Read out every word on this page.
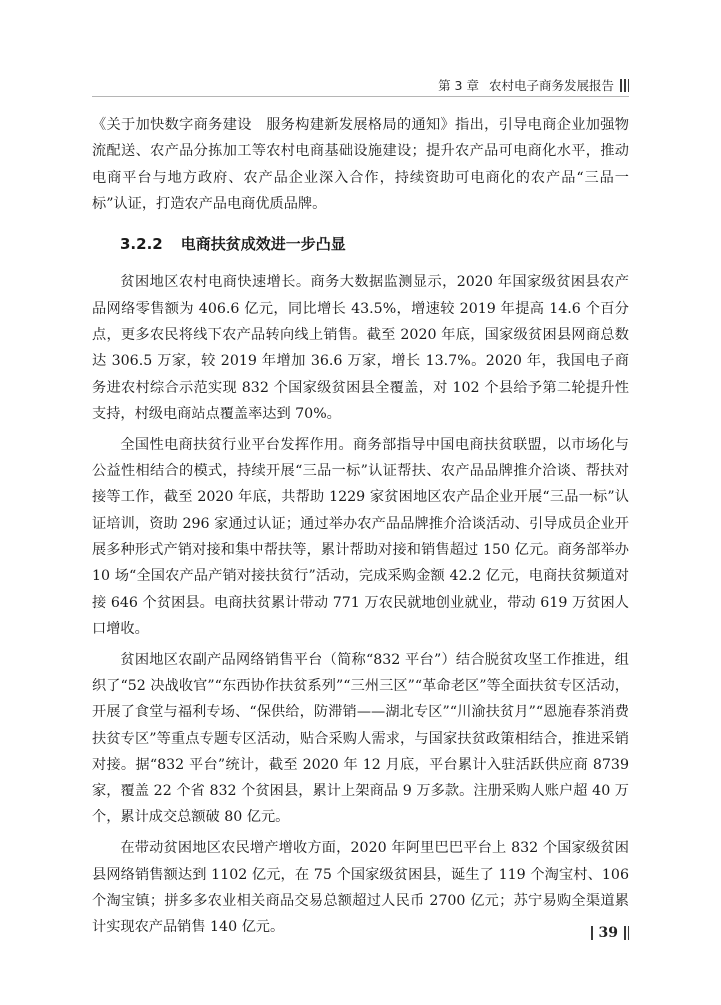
第 3 章 农村电子商务发展报告

《关于加快数字商务建设　服务构建新发展格局的通知》指出，引导电商企业加强物流配送、农产品分拣加工等农村电商基础设施建设；提升农产品可电商化水平，推动电商平台与地方政府、农产品企业深入合作，持续资助可电商化的农产品“三品一标”认证，打造农产品电商优质品牌。

3.2.2 电商扶贫成效进一步凸显

贫困地区农村电商快速增长。商务大数据监测显示，2020 年国家级贫困县农产品网络零售额为 406.6 亿元，同比增长 43.5%，增速较 2019 年提高 14.6 个百分点，更多农民将线下农产品转向线上销售。截至 2020 年底，国家级贫困县网商总数达 306.5 万家，较 2019 年增加 36.6 万家，增长 13.7%。2020 年，我国电子商务进农村综合示范实现 832 个国家级贫困县全覆盖，对 102 个县给予第二轮提升性支持，村级电商站点覆盖率达到 70%。

全国性电商扶贫行业平台发挥作用。商务部指导中国电商扶贫联盟，以市场化与公益性相结合的模式，持续开展“三品一标”认证帮扶、农产品品牌推介洽谈、帮扶对接等工作，截至 2020 年底，共帮助 1229 家贫困地区农产品企业开展“三品一标”认证培训，资助 296 家通过认证；通过举办农产品品牌推介洽谈活动、引导成员企业开展多种形式产销对接和集中帮扶等，累计帮助对接和销售超过 150 亿元。商务部举办 10 场“全国农产品产销对接扶贫行”活动，完成采购金额 42.2 亿元，电商扶贫频道对接 646 个贫困县。电商扶贫累计带动 771 万农民就地创业就业，带动 619 万贫困人口增收。

贫困地区农副产品网络销售平台（简称“832 平台”）结合脱贫攻坚工作推进，组织了“52 决战收官”“东西协作扶贫系列”“三州三区”“革命老区”等全面扶贫专区活动，开展了食堂与福利专场、“保供给，防滞销——湖北专区”“川渝扶贫月”“恩施春茶消费扶贫专区”等重点专题专区活动，贴合采购人需求，与国家扶贫政策相结合，推进采销对接。据“832 平台”统计，截至 2020 年 12 月底，平台累计入驻活跃供应商 8739 家，覆盖 22 个省 832 个贫困县，累计上架商品 9 万多款。注册采购人账户超 40 万个，累计成交总额破 80 亿元。

在带动贫困地区农民增产增收方面，2020 年阿里巴巴平台上 832 个国家级贫困县网络销售额达到 1102 亿元，在 75 个国家级贫困县，诞生了 119 个淘宝村、106 个淘宝镇；拼多多农业相关商品交易总额超过人民币 2700 亿元；苏宁易购全渠道累计实现农产品销售 140 亿元。	39
